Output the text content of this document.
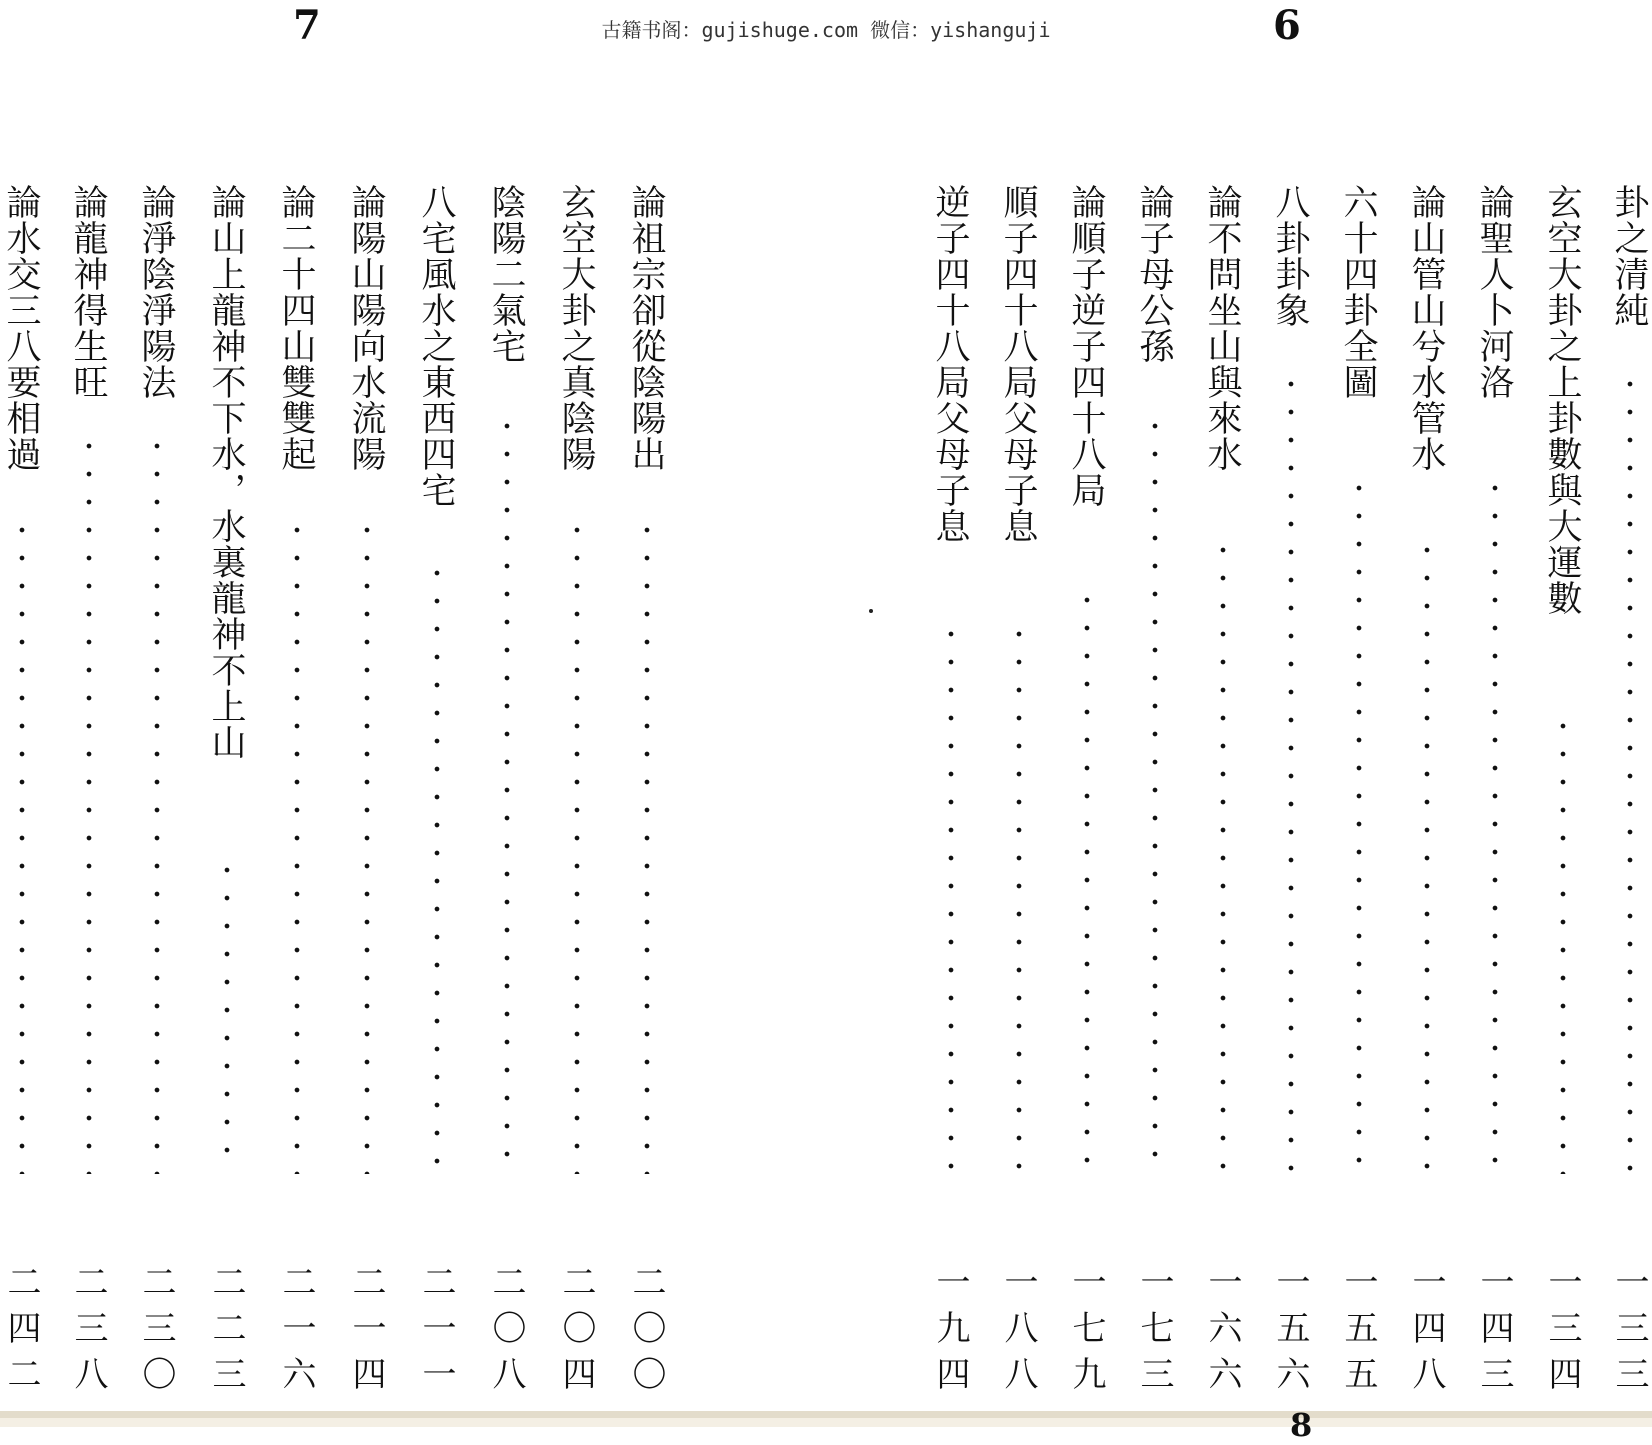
7	古籍书阁：gujishuge.com 微信：yishanguji	6
論祖宗卻從陰陽出
二〇〇
玄空大卦之真陰陽
二〇四
陰陽二氣宅
二〇八
八宅風水之東西四宅
二一一
論陽山陽向水流陽
二一四
論二十四山雙雙起
二一六
論山上龍神不下水，水裏龍神不上山
二二三
論淨陰淨陽法
二三〇
論龍神得生旺
二三八
論水交三八要相過
二四二
卦之清純
一三三
玄空大卦之上卦數與大運數
一三四
論聖人卜河洛
一四三
論山管山兮水管水
一四八
六十四卦全圖
一五五
八卦卦象
一五六
論不問坐山與來水
一六六
論子母公孫
一七三
論順子逆子四十八局
一七九
順子四十八局父母子息
一八八
逆子四十八局父母子息
一九四
8
